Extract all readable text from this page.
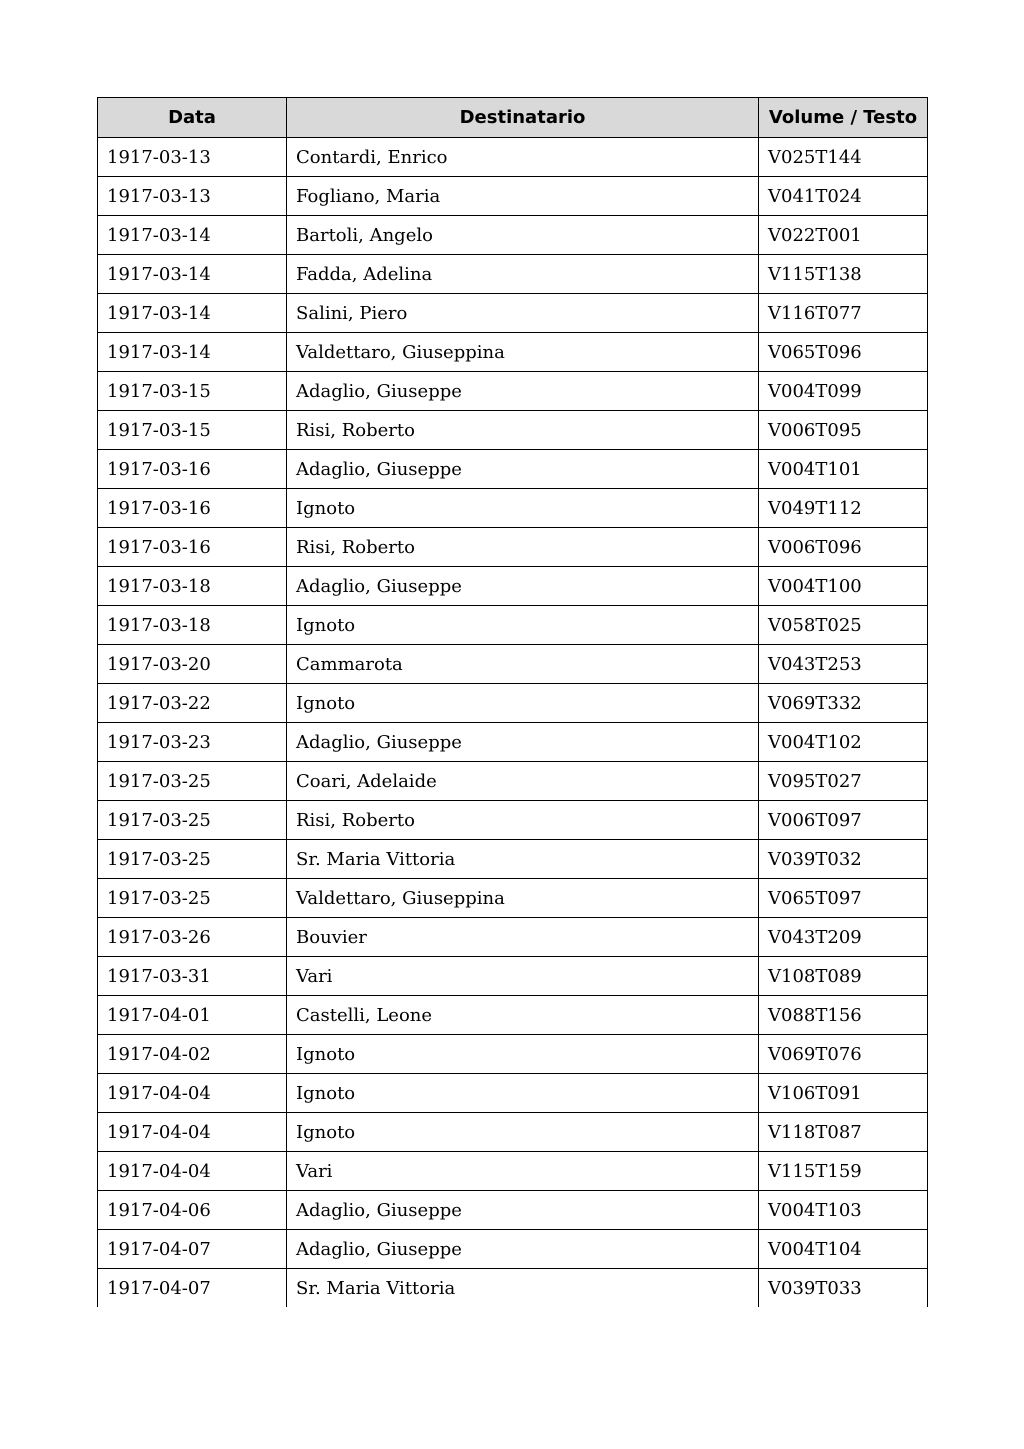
Data	Destinatario	Volume / Testo
1917-03-13	Contardi, Enrico	V025T144
1917-03-13	Fogliano, Maria	V041T024
1917-03-14	Bartoli, Angelo	V022T001
1917-03-14	Fadda, Adelina	V115T138
1917-03-14	Salini, Piero	V116T077
1917-03-14	Valdettaro, Giuseppina	V065T096
1917-03-15	Adaglio, Giuseppe	V004T099
1917-03-15	Risi, Roberto	V006T095
1917-03-16	Adaglio, Giuseppe	V004T101
1917-03-16	Ignoto	V049T112
1917-03-16	Risi, Roberto	V006T096
1917-03-18	Adaglio, Giuseppe	V004T100
1917-03-18	Ignoto	V058T025
1917-03-20	Cammarota	V043T253
1917-03-22	Ignoto	V069T332
1917-03-23	Adaglio, Giuseppe	V004T102
1917-03-25	Coari, Adelaide	V095T027
1917-03-25	Risi, Roberto	V006T097
1917-03-25	Sr. Maria Vittoria	V039T032
1917-03-25	Valdettaro, Giuseppina	V065T097
1917-03-26	Bouvier	V043T209
1917-03-31	Vari	V108T089
1917-04-01	Castelli, Leone	V088T156
1917-04-02	Ignoto	V069T076
1917-04-04	Ignoto	V106T091
1917-04-04	Ignoto	V118T087
1917-04-04	Vari	V115T159
1917-04-06	Adaglio, Giuseppe	V004T103
1917-04-07	Adaglio, Giuseppe	V004T104
1917-04-07	Sr. Maria Vittoria	V039T033
